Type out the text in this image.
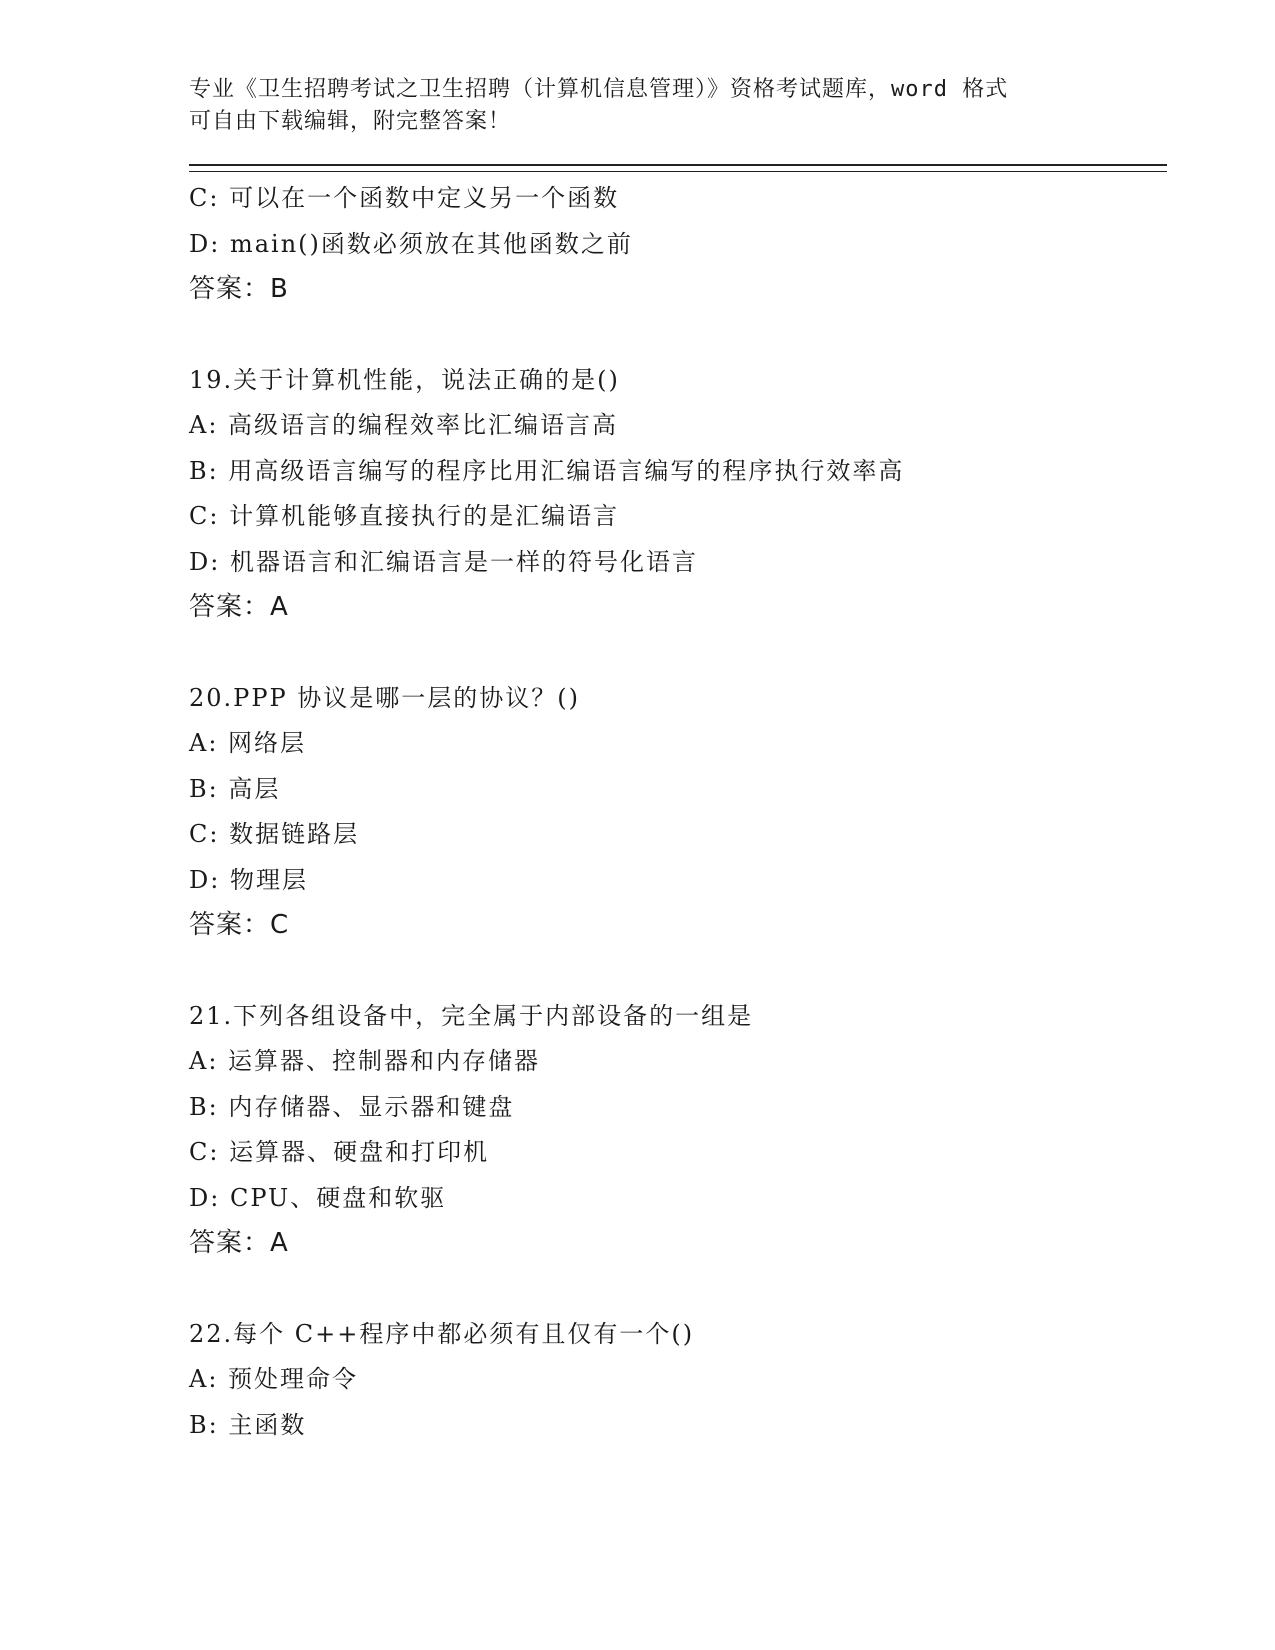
专业《卫生招聘考试之卫生招聘（计算机信息管理）》资格考试题库，word 格式
可自由下载编辑，附完整答案！
C: 可以在一个函数中定义另一个函数
D: main()函数必须放在其他函数之前
答案：B
19.关于计算机性能，说法正确的是()
A: 高级语言的编程效率比汇编语言高
B: 用高级语言编写的程序比用汇编语言编写的程序执行效率高
C: 计算机能够直接执行的是汇编语言
D: 机器语言和汇编语言是一样的符号化语言
答案：A
20.PPP 协议是哪一层的协议？()
A: 网络层
B: 高层
C: 数据链路层
D: 物理层
答案：C
21.下列各组设备中，完全属于内部设备的一组是
A: 运算器、控制器和内存储器
B: 内存储器、显示器和键盘
C: 运算器、硬盘和打印机
D: CPU、硬盘和软驱
答案：A
22.每个 C++程序中都必须有且仅有一个()
A: 预处理命令
B: 主函数
